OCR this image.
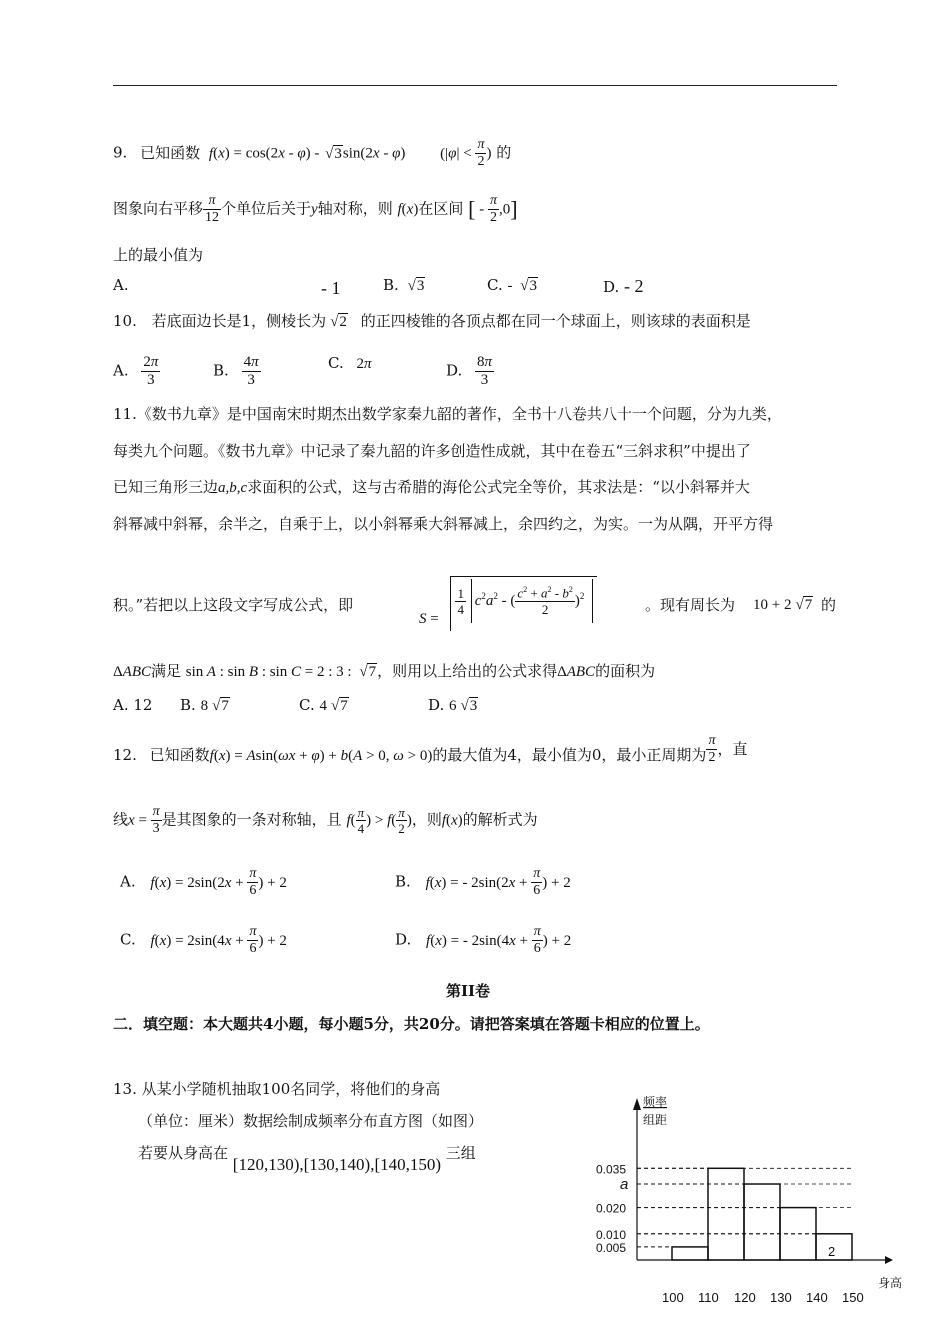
9. 已知函数 f(x) = cos(2x - φ) - √ 3sin(2x - φ) ($|\varphi| < \frac{\pi}{2}$ ) 的
图象向右平移 $\frac{\pi}{12}$ 个单位后关于y轴对称，则 f(x)在区间 [ - $\frac{\pi}{2} ,0$]
上的最小值为
A.	- 1	B. √ 3	C. - √ 3	D. - 2
10. 若底面边长是1，侧棱长为 √ 2 的正四棱锥的各顶点都在同一个球面上，则该球的表面积是
A. $\frac{2\pi}{3}$	B. $\frac{4\pi}{3}$	C. 2π	D. $\frac{8\pi}{3}$
11.《数书九章》是中国南宋时期杰出数学家秦九韶的著作，全书十八卷共八十一个问题，分为九类，
每类九个问题。《数书九章》中记录了秦九韶的许多创造性成就，其中在卷五“三斜求积”中提出了
已知三角形三边a,b,c求面积的公式，这与古希腊的海伦公式完全等价，其求法是：“以小斜幂并大
斜幂减中斜幂，余半之，自乘于上，以小斜幂乘大斜幂减上，余四约之，为实。一为从隅，开平方得
积。”若把以上这段文字写成公式，即
S =
$\frac{1}{4} c^2a^2$ - ( $\frac{c^2 + a^2 - b^2}{2} )^2$	。现有周长为 10 + 2 √ 7 的
ΔABC满足 sin A : sin B : sin C = 2 : 3 : √ 7，则用以上给出的公式求得ΔABC的面积为
A. 12 B. 8 √ 7	C. 4 √ 7	D. 6 √ 3
12. 已知函数f(x) = Asin(ωx + φ) + b(A > 0, ω > 0)的最大值为4，最小值为0，最小正周期为 $\frac{\pi}{2}$ ，直
线$x = \frac{\pi}{3}$ 是其图象的一条对称轴，且 $f( \frac{\pi}{4}$ ) > $f( \frac{\pi}{2}$ )，则f(x)的解析式为
A. $f(x) = 2\sin(2x + \frac{\pi}{6}$ ) + 2	B. f(x) = - $2\sin(2x + \frac{\pi}{6}$ ) + 2
C. $f(x) = 2\sin(4x + \frac{\pi}{6}$ ) + 2	D. f(x) = - $2\sin(4x + \frac{\pi}{6}$ ) + 2
第II卷
二．填空题：本大题共4小题，每小题5分，共20分。请把答案填在答题卡相应的位置上。
13. 从某小学随机抽取100名同学，将他们的身高
（单位：厘米）数据绘制成频率分布直方图（如图）
若要从身高在 [120,130),[130,140),[140,150) 三组
频率
组距
身高
0.035
a
0.020
0.010
0.005
100 110 120 130 140 150
2
